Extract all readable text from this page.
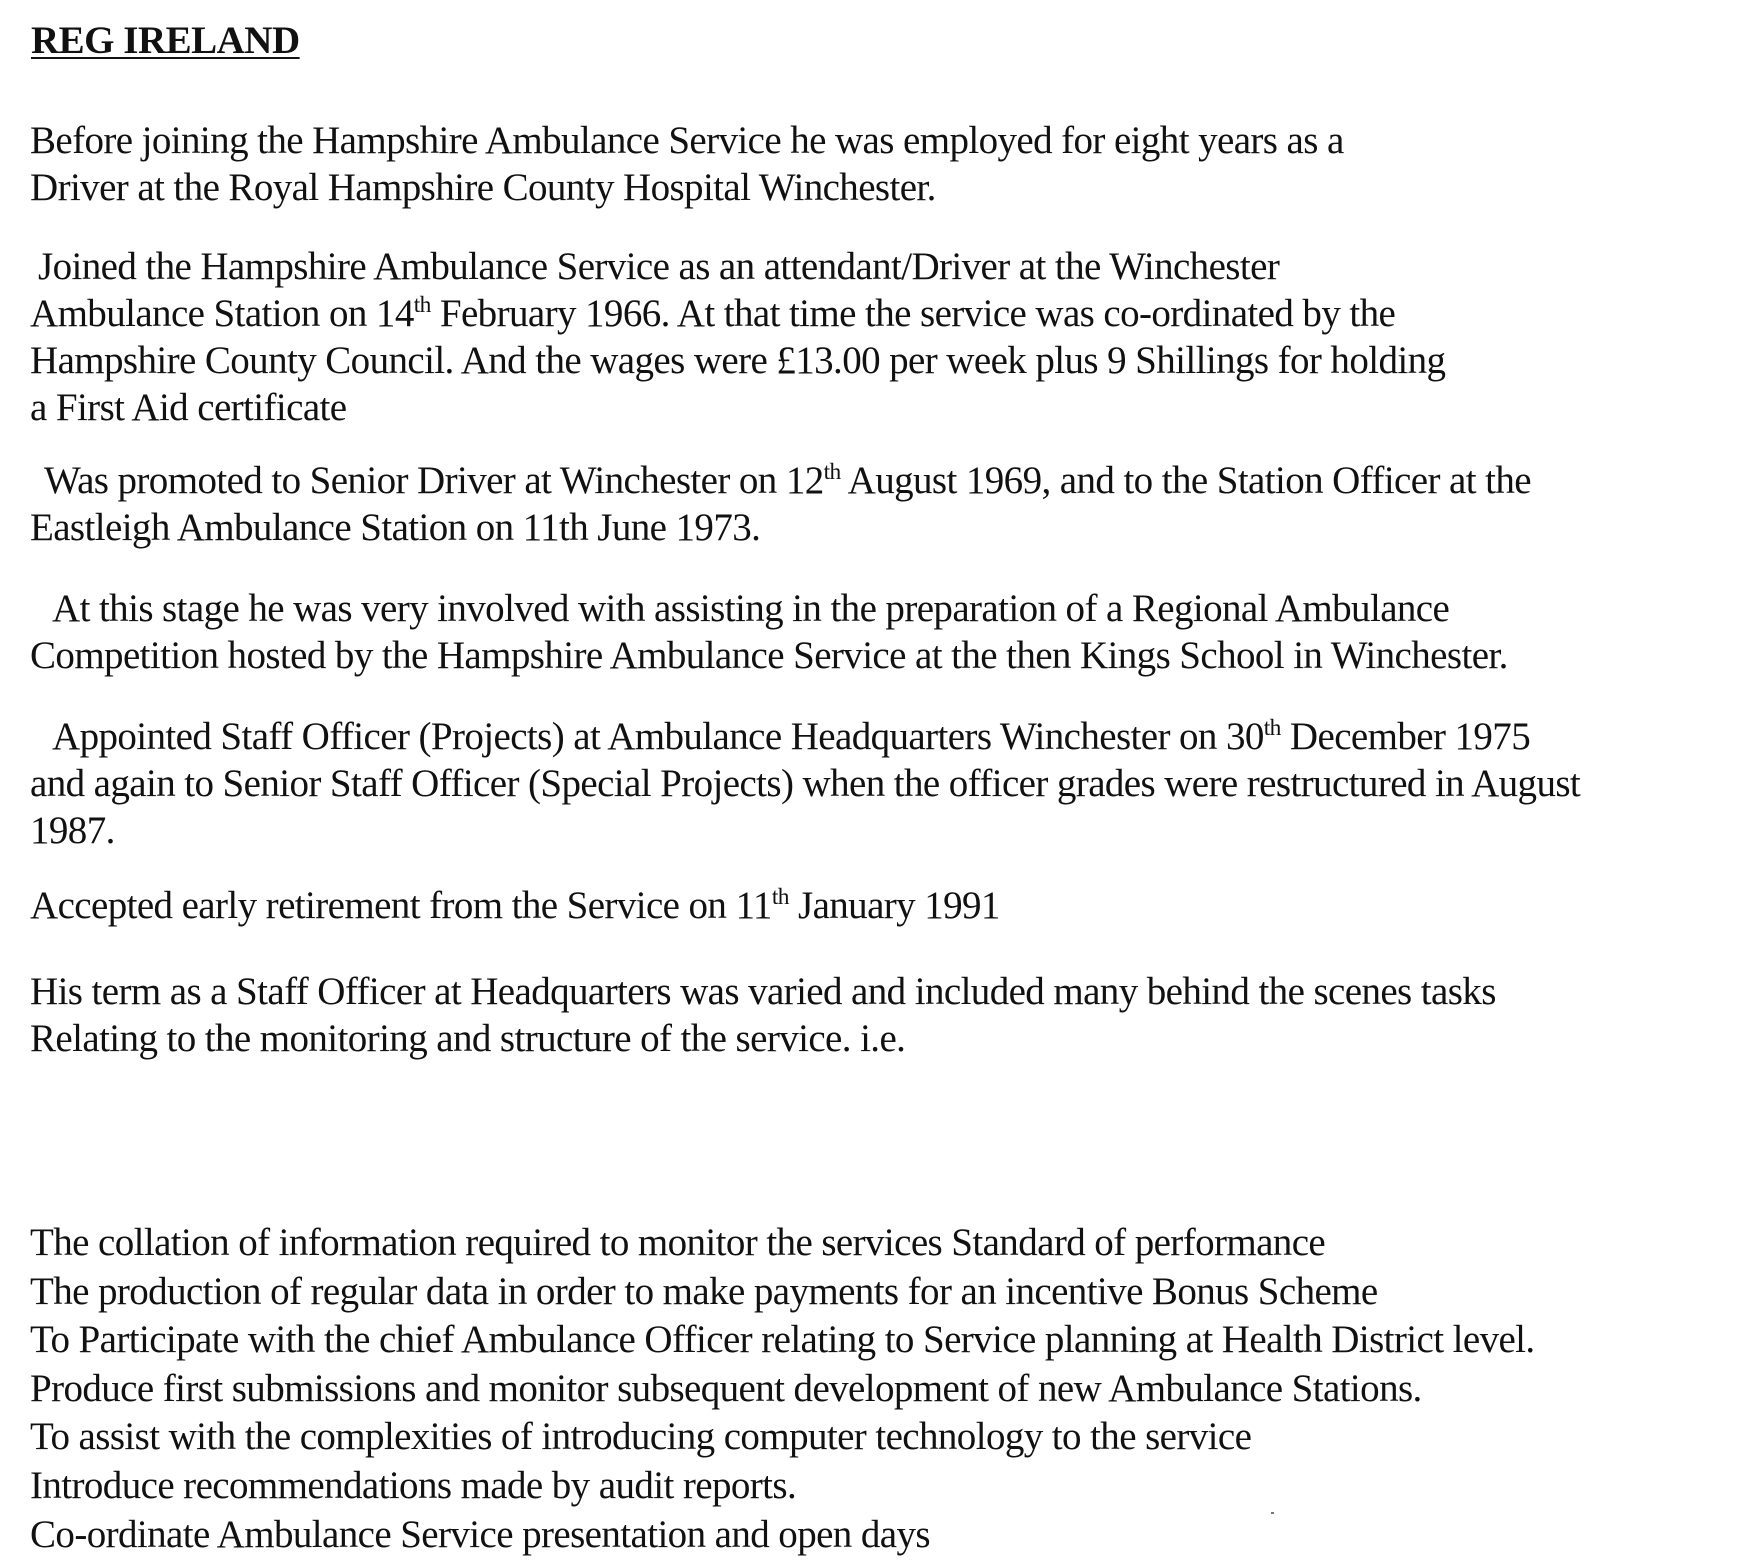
REG IRELAND
Before joining the Hampshire Ambulance Service he was employed for eight years as a
Driver at the Royal Hampshire County Hospital Winchester.
Joined the Hampshire Ambulance Service as an attendant/Driver at the Winchester
Ambulance Station on 14th February 1966. At that time the service was co-ordinated by the
Hampshire County Council. And the wages were £13.00 per week plus 9 Shillings for holding
a First Aid certificate
Was promoted to Senior Driver at Winchester on 12th August 1969, and to the Station Officer at the
Eastleigh Ambulance Station on 11th June 1973.
At this stage he was very involved with assisting in the preparation of a Regional Ambulance
Competition hosted by the Hampshire Ambulance Service at the then Kings School in Winchester.
Appointed Staff Officer (Projects) at Ambulance Headquarters Winchester on 30th December 1975
and again to Senior Staff Officer (Special Projects) when the officer grades were restructured in August
1987.
Accepted early retirement from the Service on 11th January 1991
His term as a Staff Officer at Headquarters was varied and included many behind the scenes tasks
Relating to the monitoring and structure of the service. i.e.
The collation of information required to monitor the services Standard of performance
The production of regular data in order to make payments for an incentive Bonus Scheme
To Participate with the chief Ambulance Officer relating to Service planning at Health District level.
Produce first submissions and monitor subsequent development of new Ambulance Stations.
To assist with the complexities of introducing computer technology to the service
Introduce recommendations made by audit reports.
Co-ordinate Ambulance Service presentation and open days
